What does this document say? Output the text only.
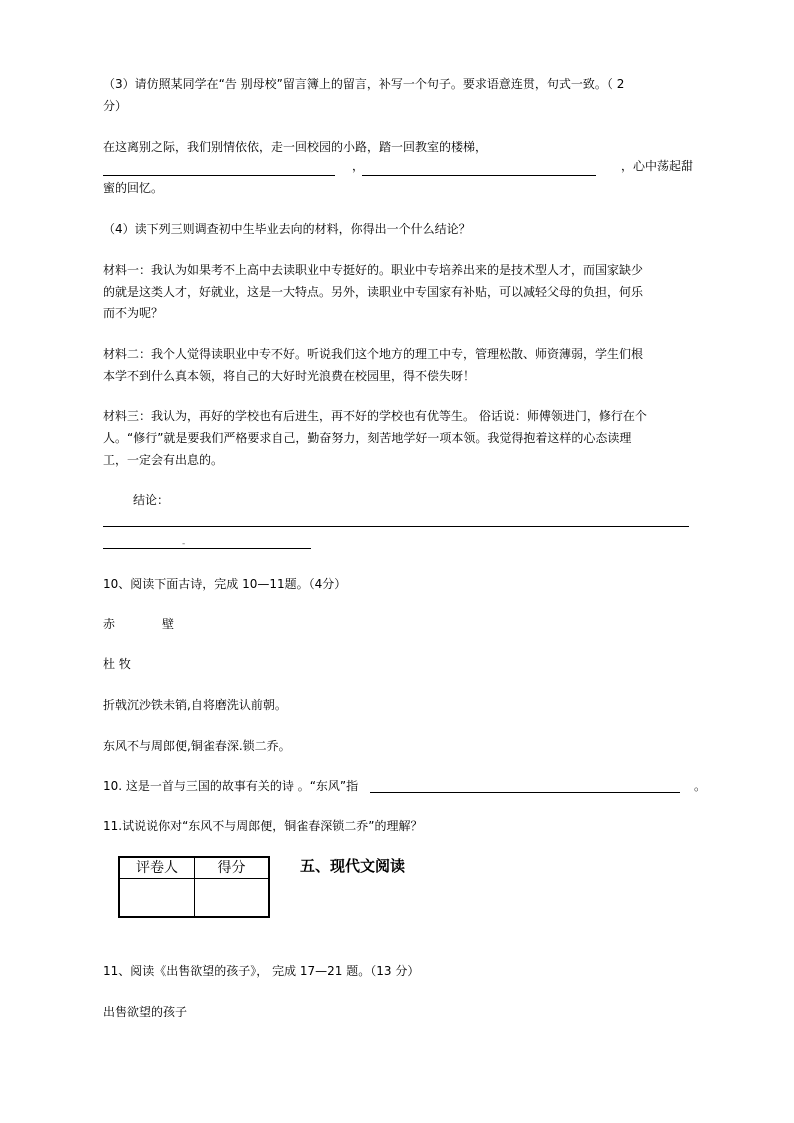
（3）请仿照某同学在“告 别母校”留言簿上的留言，补写一个句子。要求语意连贯，句式一致。（ 2
分）
在这离别之际，我们别情依依，走一回校园的小路，踏一回教室的楼梯，
，	，心中荡起甜
蜜的回忆。
（4）读下列三则调查初中生毕业去向的材料，你得出一个什么结论？
材料一：我认为如果考不上高中去读职业中专挺好的。职业中专培养出来的是技术型人才，而国家缺少
的就是这类人才，好就业，这是一大特点。另外，读职业中专国家有补贴，可以减轻父母的负担，何乐
而不为呢？
材料二：我个人觉得读职业中专不好。听说我们这个地方的理工中专，管理松散、师资薄弱，学生们根
本学不到什么真本领，将自己的大好时光浪费在校园里，得不偿失呀！
材料三：我认为，再好的学校也有后进生，再不好的学校也有优等生。 俗话说：师傅领进门，修行在个
人。“修行”就是要我们严格要求自己，勤奋努力，刻苦地学好一项本领。我觉得抱着这样的心态读理
工，一定会有出息的。
结论：
-
10、阅读下面古诗，完成 10—11题。（4分）
赤	壁
杜 牧
折戟沉沙铁未销,自将磨洗认前朝。
东风不与周郎便,铜雀春深.锁二乔。
10. 这是一首与三国的故事有关的诗 。“东风”指	。
11.试说说你对“东风不与周郎便，铜雀春深锁二乔”的理解？
评卷人	得分	五、现代文阅读
11、阅读《出售欲望的孩子》， 完成 17—21 题。（13 分）
出售欲望的孩子
